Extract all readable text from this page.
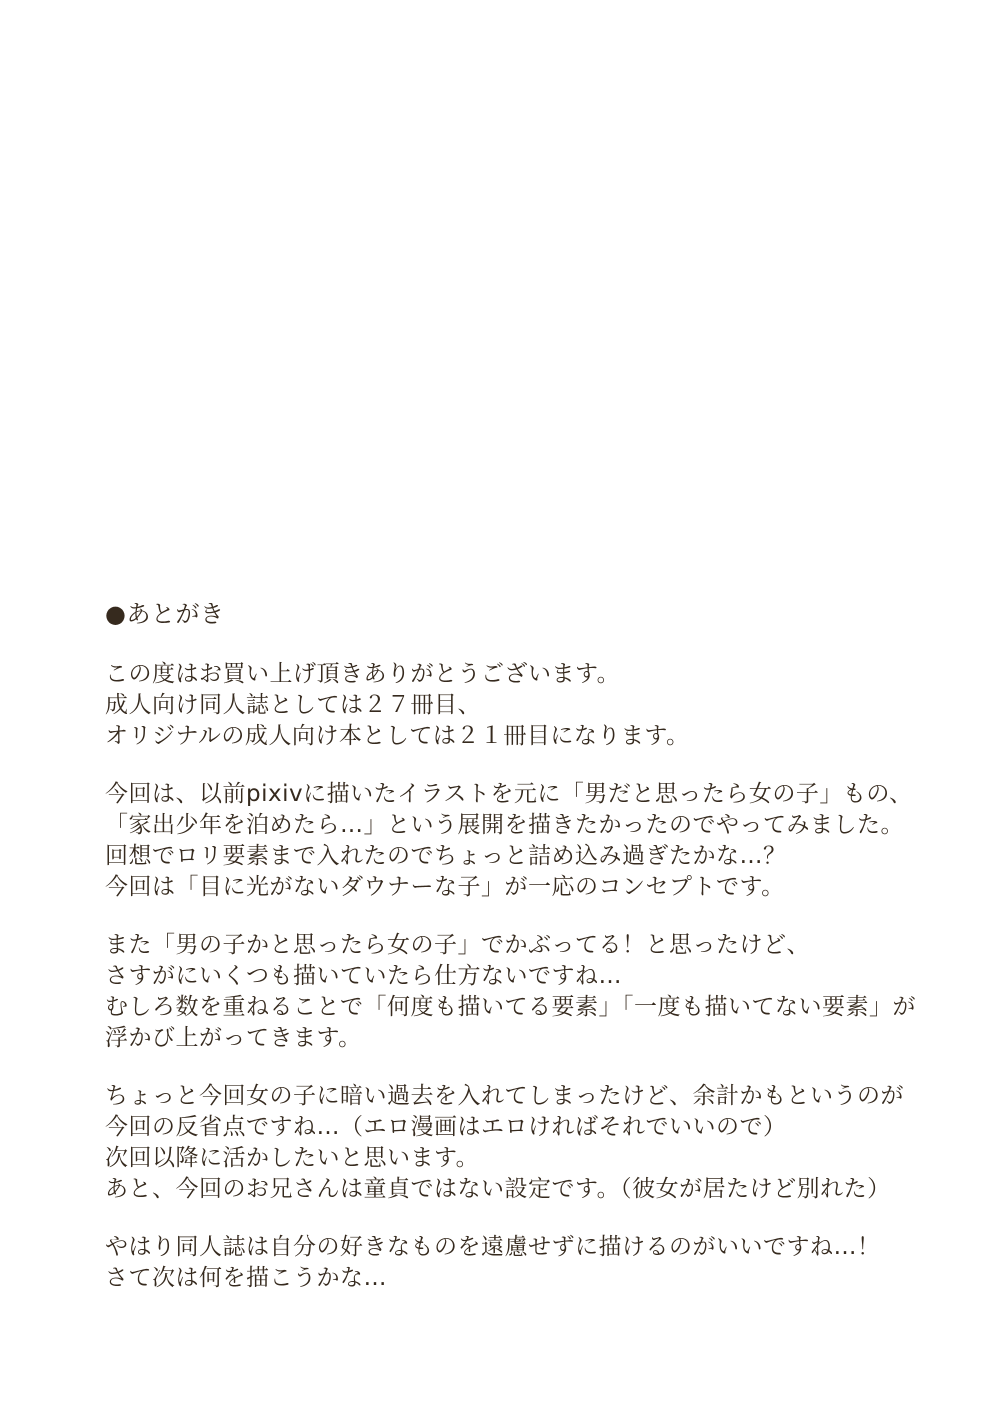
●あとがき
この度はお買い上げ頂きありがとうございます。
成人向け同人誌としては２７冊目、
オリジナルの成人向け本としては２１冊目になります。
今回は、以前pixivに描いたイラストを元に「男だと思ったら女の子」もの、
「家出少年を泊めたら…」という展開を描きたかったのでやってみました。
回想でロリ要素まで入れたのでちょっと詰め込み過ぎたかな…？
今回は「目に光がないダウナーな子」が一応のコンセプトです。
また「男の子かと思ったら女の子」でかぶってる！と思ったけど、
さすがにいくつも描いていたら仕方ないですね…
むしろ数を重ねることで「何度も描いてる要素」「一度も描いてない要素」が
浮かび上がってきます。
ちょっと今回女の子に暗い過去を入れてしまったけど、余計かもというのが
今回の反省点ですね…（エロ漫画はエロければそれでいいので）
次回以降に活かしたいと思います。
あと、今回のお兄さんは童貞ではない設定です。（彼女が居たけど別れた）
やはり同人誌は自分の好きなものを遠慮せずに描けるのがいいですね…！
さて次は何を描こうかな…
